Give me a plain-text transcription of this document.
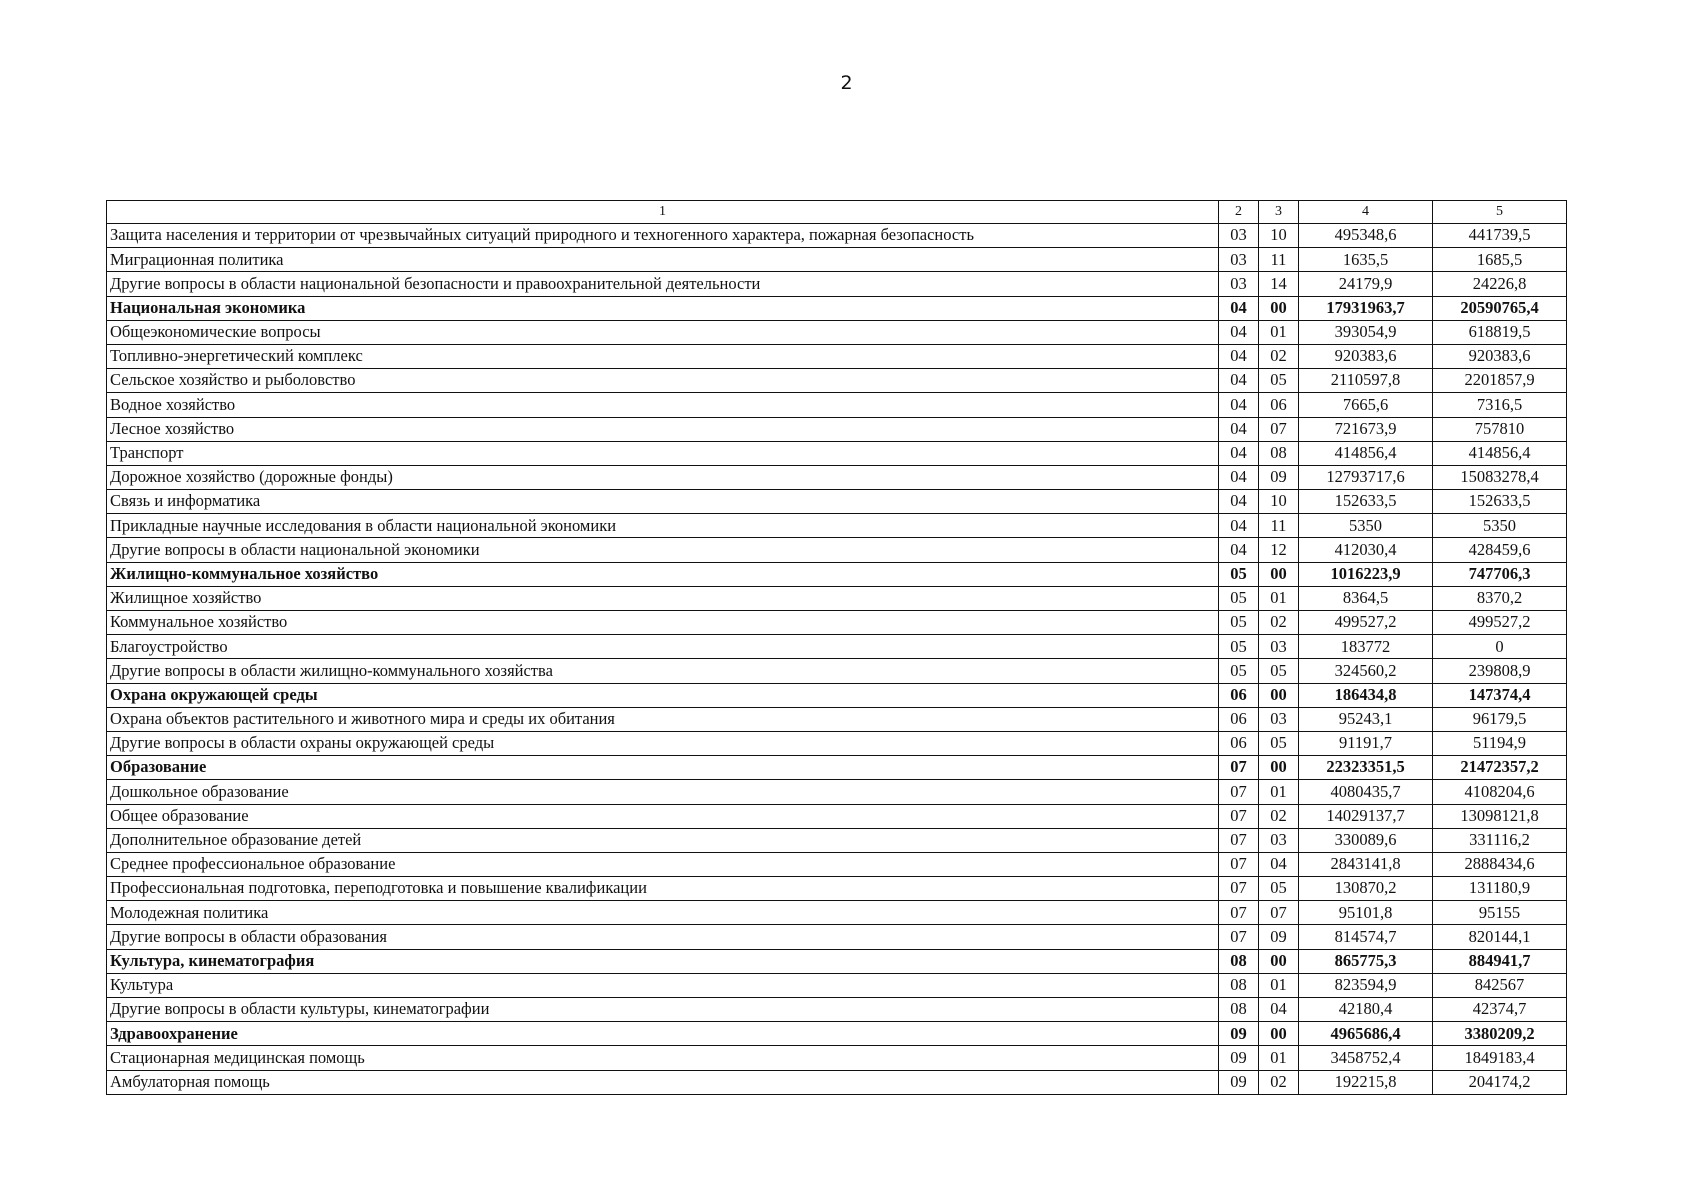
2
1	2	3	4	5
Защита населения и территории от чрезвычайных ситуаций природного и техногенного характера, пожарная безопасность	03	10	495348,6	441739,5
Миграционная политика	03	11	1635,5	1685,5
Другие вопросы в области национальной безопасности и правоохранительной деятельности	03	14	24179,9	24226,8
Национальная экономика	04	00	17931963,7	20590765,4
Общеэкономические вопросы	04	01	393054,9	618819,5
Топливно-энергетический комплекс	04	02	920383,6	920383,6
Сельское хозяйство и рыболовство	04	05	2110597,8	2201857,9
Водное хозяйство	04	06	7665,6	7316,5
Лесное хозяйство	04	07	721673,9	757810
Транспорт	04	08	414856,4	414856,4
Дорожное хозяйство (дорожные фонды)	04	09	12793717,6	15083278,4
Связь и информатика	04	10	152633,5	152633,5
Прикладные научные исследования в области национальной экономики	04	11	5350	5350
Другие вопросы в области национальной экономики	04	12	412030,4	428459,6
Жилищно-коммунальное хозяйство	05	00	1016223,9	747706,3
Жилищное хозяйство	05	01	8364,5	8370,2
Коммунальное хозяйство	05	02	499527,2	499527,2
Благоустройство	05	03	183772	0
Другие вопросы в области жилищно-коммунального хозяйства	05	05	324560,2	239808,9
Охрана окружающей среды	06	00	186434,8	147374,4
Охрана объектов растительного и животного мира и среды их обитания	06	03	95243,1	96179,5
Другие вопросы в области охраны окружающей среды	06	05	91191,7	51194,9
Образование	07	00	22323351,5	21472357,2
Дошкольное образование	07	01	4080435,7	4108204,6
Общее образование	07	02	14029137,7	13098121,8
Дополнительное образование детей	07	03	330089,6	331116,2
Среднее профессиональное образование	07	04	2843141,8	2888434,6
Профессиональная подготовка, переподготовка и повышение квалификации	07	05	130870,2	131180,9
Молодежная политика	07	07	95101,8	95155
Другие вопросы в области образования	07	09	814574,7	820144,1
Культура, кинематография	08	00	865775,3	884941,7
Культура	08	01	823594,9	842567
Другие вопросы в области культуры, кинематографии	08	04	42180,4	42374,7
Здравоохранение	09	00	4965686,4	3380209,2
Стационарная медицинская помощь	09	01	3458752,4	1849183,4
Амбулаторная помощь	09	02	192215,8	204174,2
